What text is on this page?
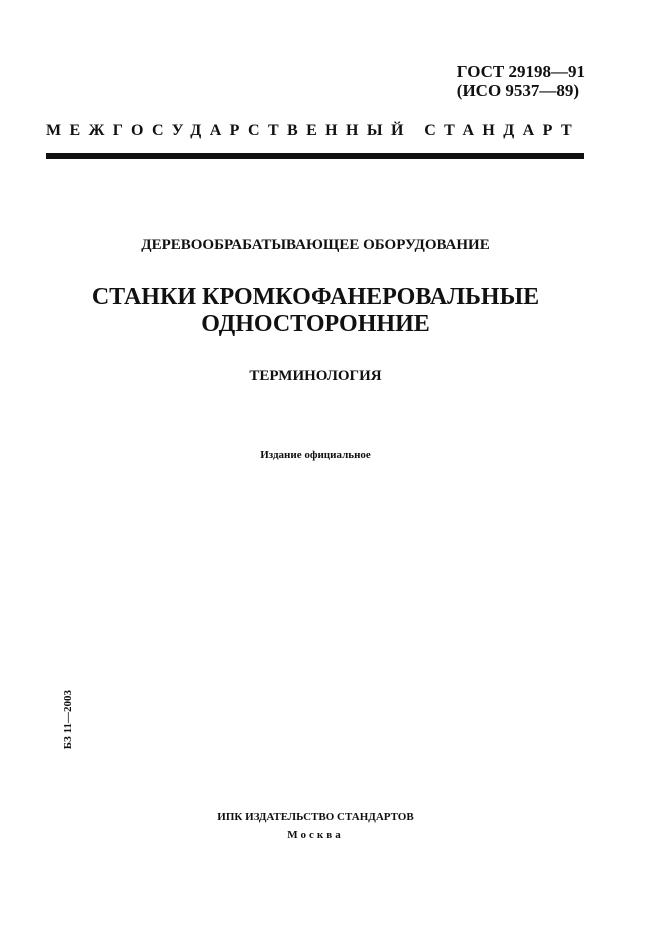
ГОСТ 29198—91
(ИСО 9537—89)
МЕЖГОСУДАРСТВЕННЫЙ СТАНДАРТ
ДЕРЕВООБРАБАТЫВАЮЩЕЕ ОБОРУДОВАНИЕ
СТАНКИ КРОМКОФАНЕРОВАЛЬНЫЕ
ОДНОСТОРОННИЕ
ТЕРМИНОЛОГИЯ
Издание официальное
БЗ 11—2003
ИПК ИЗДАТЕЛЬСТВО СТАНДАРТОВ
Москва
